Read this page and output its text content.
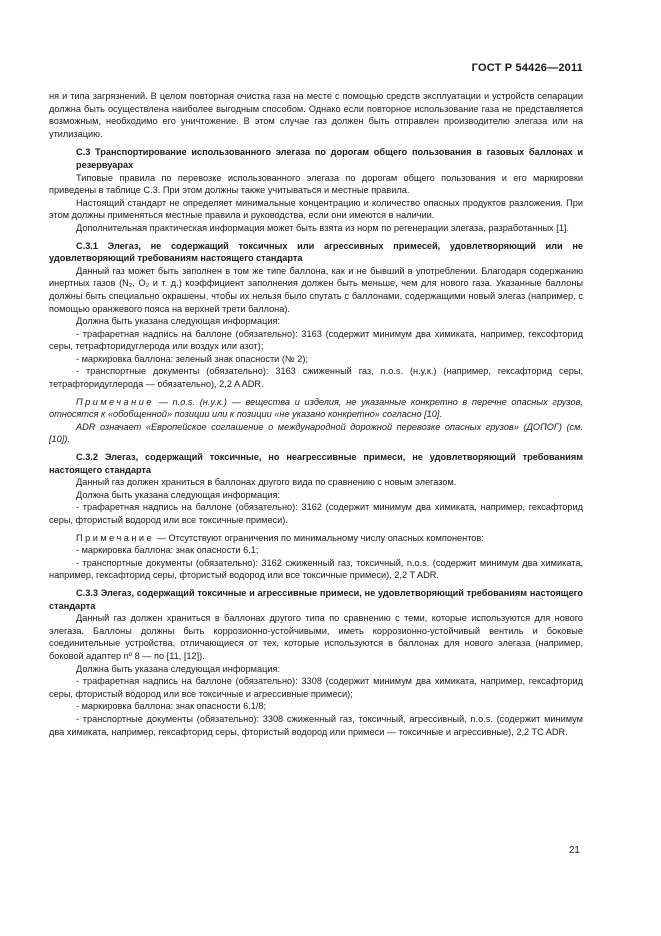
ГОСТ Р 54426—2011

ня и типа загрязнений. В целом повторная очистка газа на месте с помощью средств эксплуатации и устройств сепарации должна быть осуществлена наиболее выгодным способом. Однако если повторное использование газа не представляется возможным, необходимо его уничтожение. В этом случае газ должен быть отправлен производителю элегаза или на утилизацию.

С.3 Транспортирование использованного элегаза по дорогам общего пользования в газовых баллонах и резервуарах

Типовые правила по перевозке использованного элегаза по дорогам общего пользования и его маркировки приведены в таблице С.3. При этом должны также учитываться и местные правила.

Настоящий стандарт не определяет минимальные концентрацию и количество опасных продуктов разложения. При этом должны применяться местные правила и руководства, если они имеются в наличии.

Дополнительная практическая информация может быть взята из норм по регенерации элегаза, разработанных [1].

С.3.1 Элегаз, не содержащий токсичных или агрессивных примесей, удовлетворяющий или не удовлетворяющий требованиям настоящего стандарта

Данный газ может быть заполнен в том же типе баллона, как и не бывший в употреблении. Благодаря содержанию инертных газов (N₂, O₂ и т. д.) коэффициент заполнения должен быть меньше, чем для нового газа. Указанные баллоны должны быть специально окрашены, чтобы их нельзя было спутать с баллонами, содержащими новый элегаз (например, с помощью оранжевого пояса на верхней трети баллона).

Должна быть указана следующая информация:

- трафаретная надпись на баллоне (обязательно): 3163 (содержит минимум два химиката, например, гексофторид серы, тетрафторидуглерода или воздух или азот);

- маркировка баллона: зеленый знак опасности (№ 2);

- транспортные документы (обязательно): 3163 сжиженный газ, n.o.s. (н.у.к.) (например, гексафторид серы, тетрафторидуглерода — обязательно), 2,2 A ADR.

Примечание — n.o.s. (н.у.к.) — вещества и изделия, не указанные конкретно в перечне опасных грузов, относятся к «обобщенной» позиции или к позиции «не указано конкретно» согласно [10].

ADR означает «Европейское соглашение о международной дорожной перевозке опасных грузов» (ДОПОГ) (см. [10]).

С.3.2 Элегаз, содержащий токсичные, но неагрессивные примеси, не удовлетворяющий требованиям настоящего стандарта

Данный газ должен храниться в баллонах другого вида по сравнению с новым элегазом.

Должна быть указана следующая информация:

- трафаретная надпись на баллоне (обязательно): 3162 (содержит минимум два химиката, например, гексафторид серы, фтористый водород или все токсичные примеси).

Примечание — Отсутствуют ограничения по минимальному числу опасных компонентов:

- маркировка баллона: знак опасности 6.1;

- транспортные документы (обязательно): 3162 сжиженный газ, токсичный, n.o.s. (содержит минимум два химиката, например, гексафторид серы, фтористый водород или все токсичные примеси), 2,2 T ADR.

С.3.3 Элегаз, содержащий токсичные и агрессивные примеси, не удовлетворяющий требованиям настоящего стандарта

Данный газ должен храниться в баллонах другого типа по сравнению с теми, которые используются для нового элегаза. Баллоны должны быть коррозионно-устойчивыми, иметь коррозионно-устойчивый вентиль и боковые соединительные устройства, отличающиеся от тех, которые используются в баллонах для нового элегаза (например, боковой адаптер nº 8 — по [11, [12]).

Должна быть указана следующая информация:

- трафаретная надпись на баллоне (обязательно): 3308 (содержит минимум два химиката, например, гексафторид серы, фтористый водород или все токсичные и агрессивные примеси);

- маркировка баллона: знак опасности 6.1/8;

- транспортные документы (обязательно): 3308 сжиженный газ, токсичный, агрессивный, n.o.s. (содержит минимум два химиката, например, гексафторид серы, фтористый водород или примеси — токсичные и агрессивные), 2,2 TC ADR.

21
